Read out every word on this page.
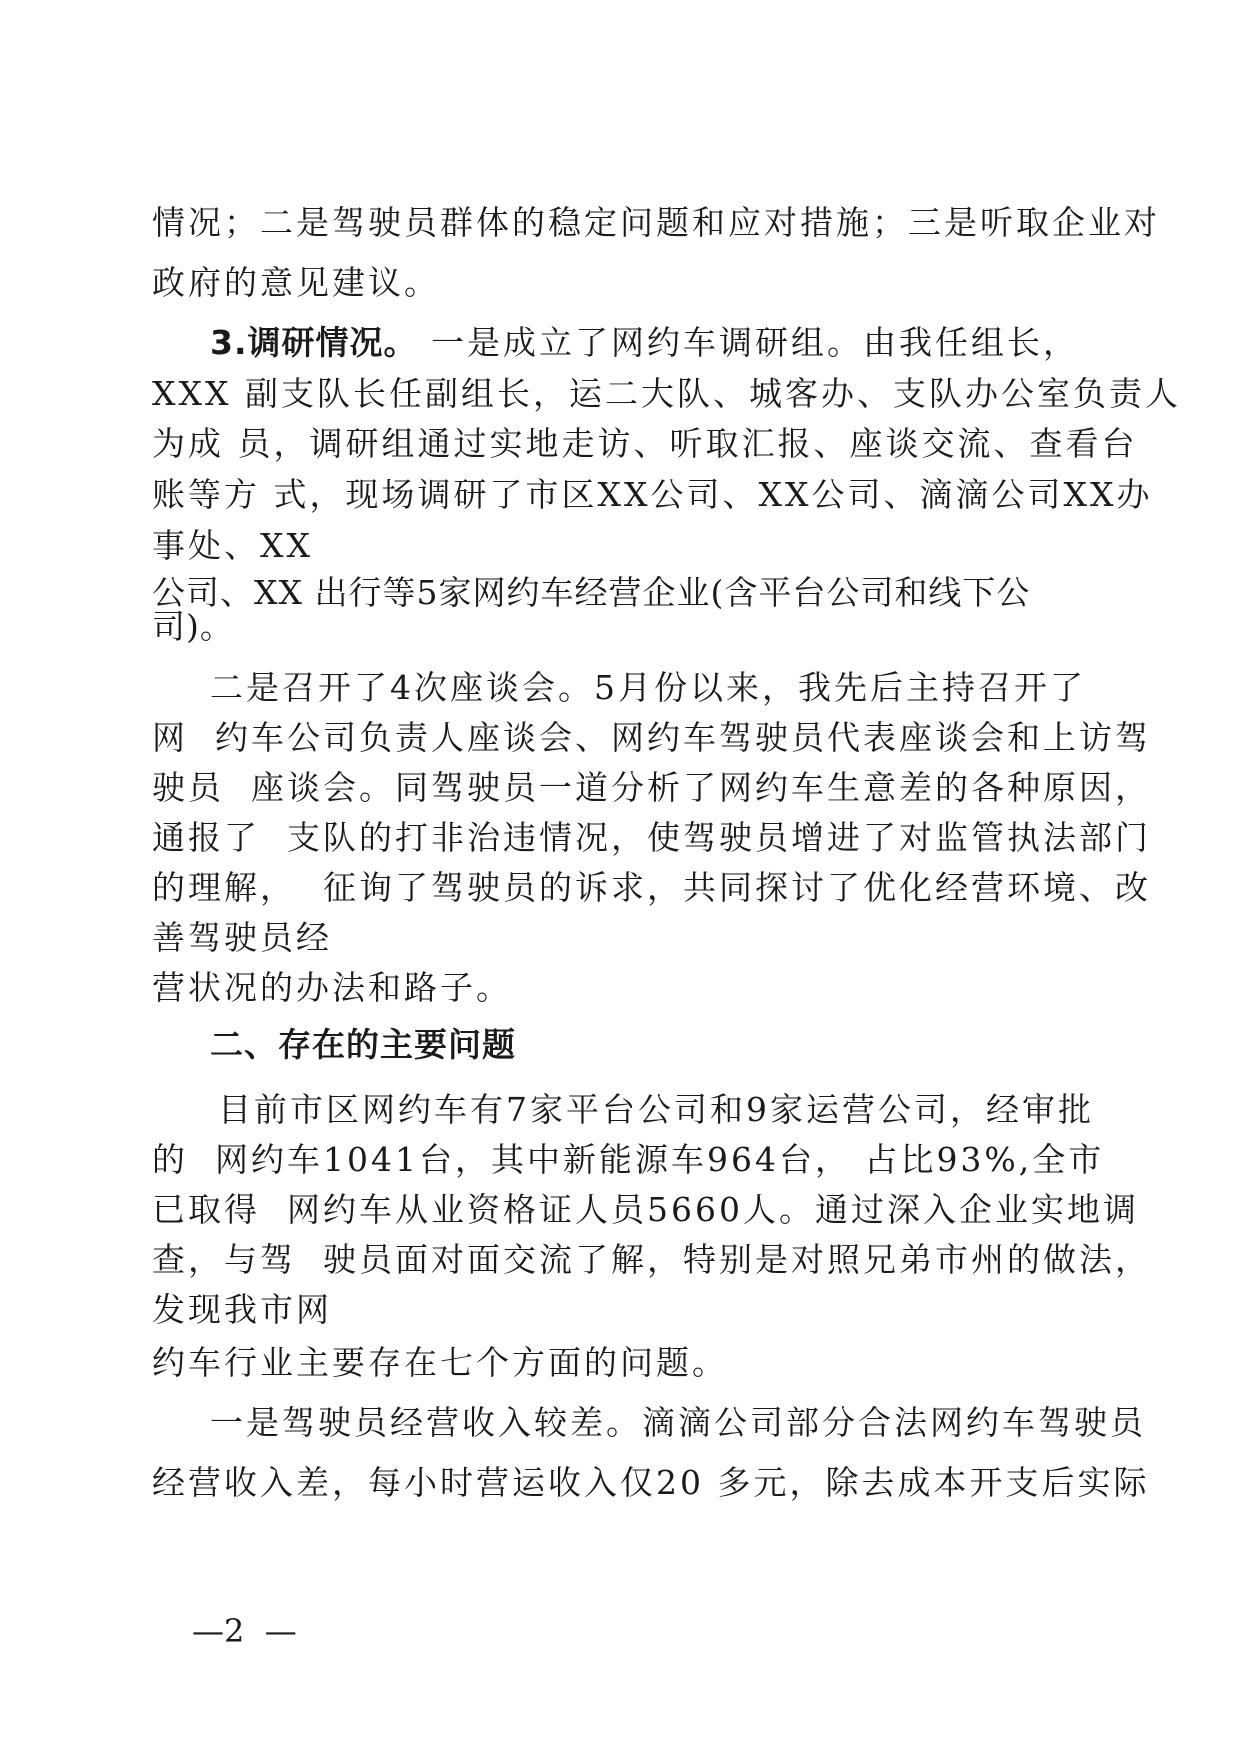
情况；二是驾驶员群体的稳定问题和应对措施；三是听取企业对
政府的意见建议。
3.调研情况。 一是成立了网约车调研组。由我任组长，
XXX 副支队长任副组长，运二大队、城客办、支队办公室负责人
为成 员，调研组通过实地走访、听取汇报、座谈交流、查看台
账等方 式，现场调研了市区XX公司、XX公司、滴滴公司XX办
事处、XX
公司、XX 出行等5家网约车经营企业(含平台公司和线下公
司)。
二是召开了4次座谈会。5月份以来，我先后主持召开了
网  约车公司负责人座谈会、网约车驾驶员代表座谈会和上访驾
驶员  座谈会。同驾驶员一道分析了网约车生意差的各种原因，
通报了  支队的打非治违情况，使驾驶员增进了对监管执法部门
的理解，  征询了驾驶员的诉求，共同探讨了优化经营环境、改
善驾驶员经
营状况的办法和路子。
二、存在的主要问题
目前市区网约车有7家平台公司和9家运营公司，经审批
的  网约车1041台，其中新能源车964台， 占比93%,全市
已取得  网约车从业资格证人员5660人。通过深入企业实地调
查，与驾  驶员面对面交流了解，特别是对照兄弟市州的做法，
发现我市网
约车行业主要存在七个方面的问题。
一是驾驶员经营收入较差。滴滴公司部分合法网约车驾驶员
经营收入差，每小时营运收入仅20 多元，除去成本开支后实际
—2  —
